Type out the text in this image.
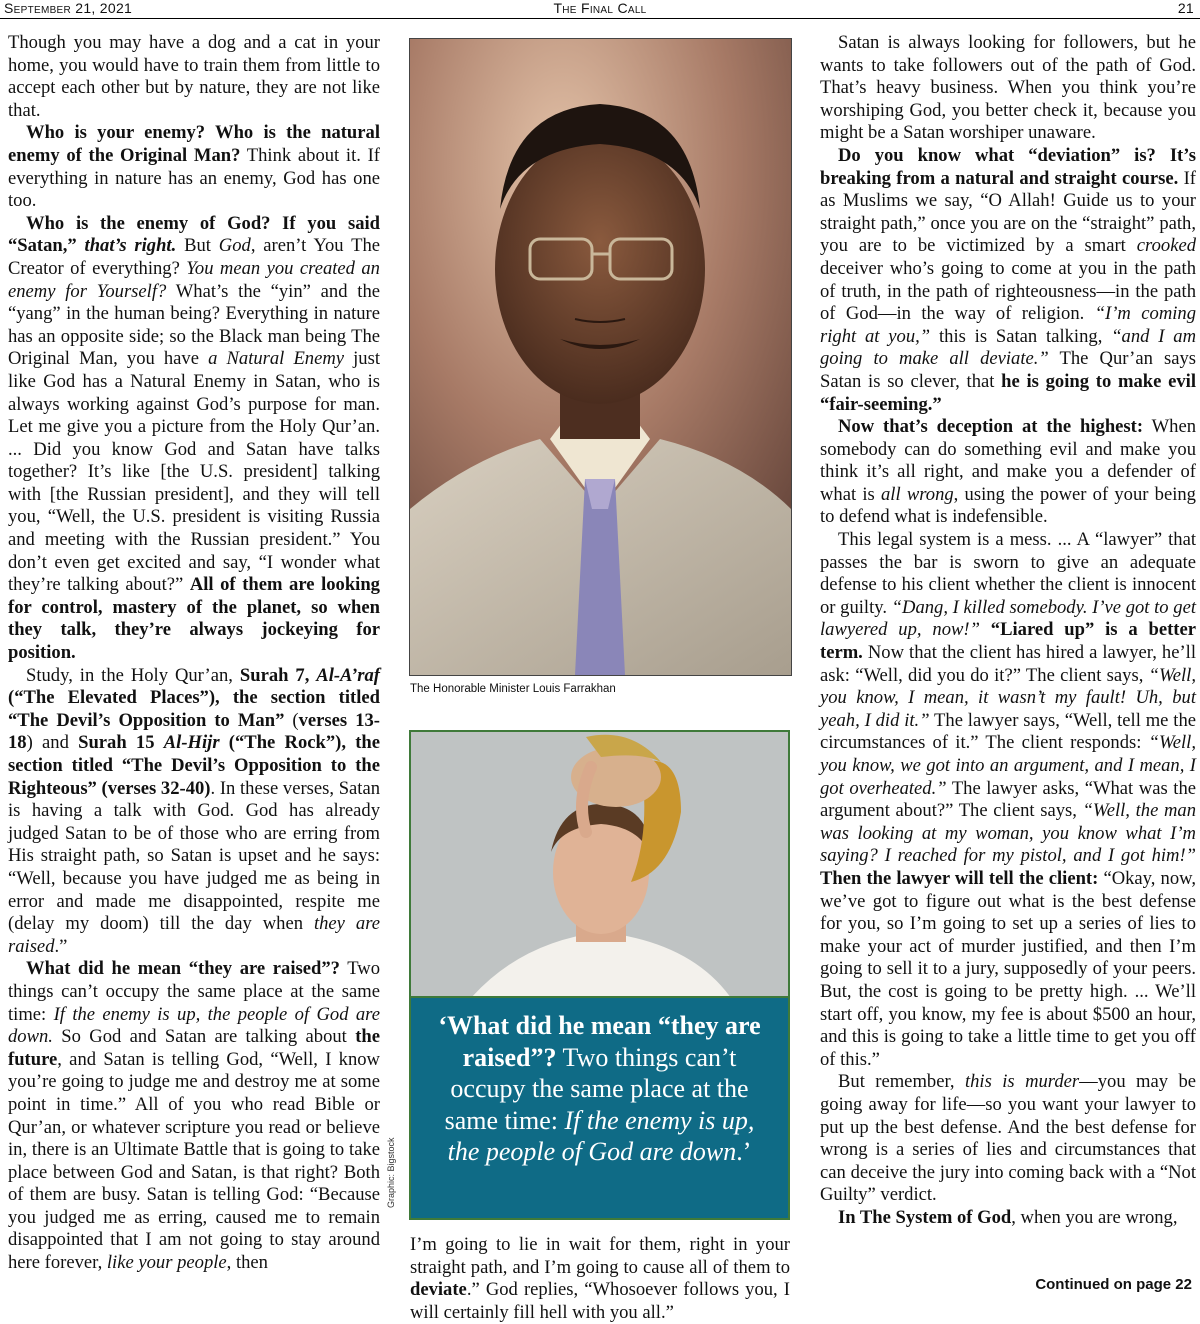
September 21, 2021	The Final Call	21

Though you may have a dog and a cat in your home, you would have to train them from little to accept each other but by nature, they are not like that.

Who is your enemy? Who is the natural enemy of the Original Man? Think about it. If everything in nature has an enemy, God has one too.

Who is the enemy of God? If you said “Satan,” that’s right. But God, aren’t You The Creator of everything? You mean you created an enemy for Yourself? What’s the “yin” and the “yang” in the human being? Everything in nature has an opposite side; so the Black man being The Original Man, you have a Natural Enemy just like God has a Natural Enemy in Satan, who is always working against God’s purpose for man. Let me give you a picture from the Holy Qur’an. ... Did you know God and Satan have talks together? It’s like [the U.S. president] talking with [the Russian president], and they will tell you, “Well, the U.S. president is visiting Russia and meeting with the Russian president.” You don’t even get excited and say, “I wonder what they’re talking about?” All of them are looking for control, mastery of the planet, so when they talk, they’re always jockeying for position.

Study, in the Holy Qur’an, Surah 7, Al-A’raf (“The Elevated Places”), the section titled “The Devil’s Opposition to Man” (verses 13-18) and Surah 15 Al-Hijr (“The Rock”), the section titled “The Devil’s Opposition to the Righteous” (verses 32-40). In these verses, Satan is having a talk with God. God has already judged Satan to be of those who are erring from His straight path, so Satan is upset and he says: “Well, because you have judged me as being in error and made me disappointed, respite me (delay my doom) till the day when they are raised.”

What did he mean “they are raised”? Two things can’t occupy the same place at the same time: If the enemy is up, the people of God are down. So God and Satan are talking about the future, and Satan is telling God, “Well, I know you’re going to judge me and destroy me at some point in time.” All of you who read Bible or Qur’an, or whatever scripture you read or believe in, there is an Ultimate Battle that is going to take place between God and Satan, is that right? Both of them are busy. Satan is telling God: “Because you judged me as erring, caused me to remain disappointed that I am not going to stay around here forever, like your people, then

The Honorable Minister Louis Farrakhan
‘What did he mean “they are raised”? Two things can’t occupy the same place at the same time: If the enemy is up, the people of God are down.’
Graphic: Bigstock

I’m going to lie in wait for them, right in your straight path, and I’m going to cause all of them to deviate.” God replies, “Whosoever follows you, I will certainly fill hell with you all.”

Satan is always looking for followers, but he wants to take followers out of the path of God. That’s heavy business. When you think you’re worshiping God, you better check it, because you might be a Satan worshiper unaware.

Do you know what “deviation” is? It’s breaking from a natural and straight course. If as Muslims we say, “O Allah! Guide us to your straight path,” once you are on the “straight” path, you are to be victimized by a smart crooked deceiver who’s going to come at you in the path of truth, in the path of righteousness—in the path of God—in the way of religion. “I’m coming right at you,” this is Satan talking, “and I am going to make all deviate.” The Qur’an says Satan is so clever, that he is going to make evil “fair-seeming.”

Now that’s deception at the highest: When somebody can do something evil and make you think it’s all right, and make you a defender of what is all wrong, using the power of your being to defend what is indefensible.

This legal system is a mess. ... A “lawyer” that passes the bar is sworn to give an adequate defense to his client whether the client is innocent or guilty. “Dang, I killed somebody. I’ve got to get lawyered up, now!” “Liared up” is a better term. Now that the client has hired a lawyer, he’ll ask: “Well, did you do it?” The client says, “Well, you know, I mean, it wasn’t my fault! Uh, but yeah, I did it.” The lawyer says, “Well, tell me the circumstances of it.” The client responds: “Well, you know, we got into an argument, and I mean, I got overheated.” The lawyer asks, “What was the argument about?” The client says, “Well, the man was looking at my woman, you know what I’m saying? I reached for my pistol, and I got him!” Then the lawyer will tell the client: “Okay, now, we’ve got to figure out what is the best defense for you, so I’m going to set up a series of lies to make your act of murder justified, and then I’m going to sell it to a jury, supposedly of your peers. But, the cost is going to be pretty high. ... We’ll start off, you know, my fee is about $500 an hour, and this is going to take a little time to get you off of this.”

But remember, this is murder—you may be going away for life—so you want your lawyer to put up the best defense. And the best defense for wrong is a series of lies and circumstances that can deceive the jury into coming back with a “Not Guilty” verdict.

In The System of God, when you are wrong,

Continued on page 22
